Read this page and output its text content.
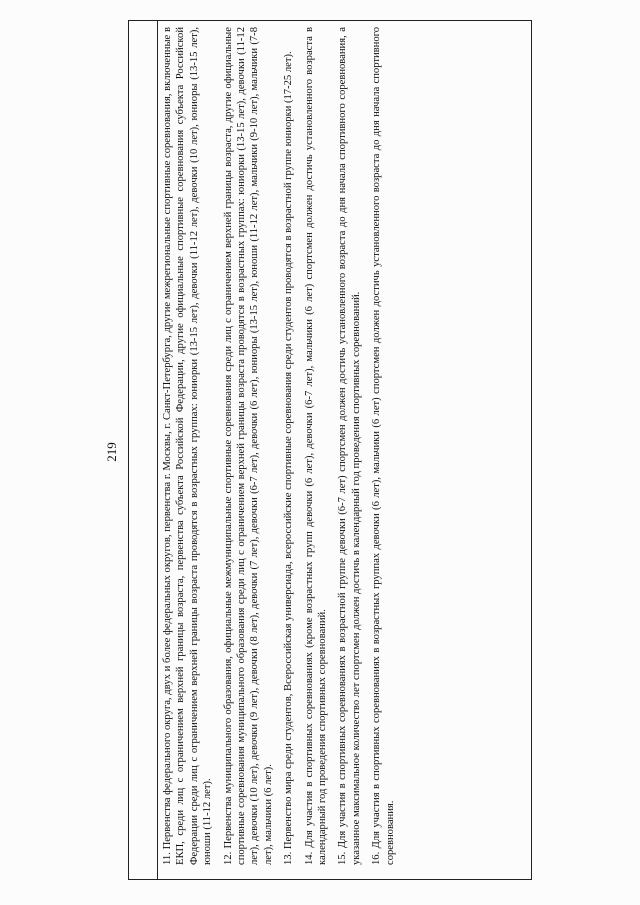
219	11. Первенства федерального округа, двух и более федеральных округов, первенства г. Москвы, г. Санкт-Петербурга, другие межрегиональные спортивные соревнования, включенные в ЕКП, среди лиц с ограничением верхней границы возраста, первенства субъекта Российской Федерации, другие официальные спортивные соревнования субъекта Российской Федерации среди лиц с ограничением верхней границы возраста проводятся в возрастных группах: юниорки (13-15 лет), девочки (11-12 лет), девочки (10 лет), юниоры (13-15 лет), юноши (11-12 лет). 12. Первенства муниципального образования, официальные межмуниципальные спортивные соревнования среди лиц с ограничением верхней границы возраста, другие официальные спортивные соревнования муниципального образования среди лиц с ограничением верхней границы возраста проводятся в возрастных группах: юниорки (13-15 лет), девочки (11-12 лет), девочки (10 лет), девочки (9 лет), девочки (8 лет), девочки (7 лет), девочки (6-7 лет), девочки (6 лет), юниоры (13-15 лет), юноши (11-12 лет), мальчики (9-10 лет), мальчики (7-8 лет), мальчики (6 лет). 13. Первенство мира среди студентов, Всероссийская универсиада, всероссийские спортивные соревнования среди студентов проводятся в возрастной группе юниорки (17-25 лет). 14. Для участия в спортивных соревнованиях (кроме возрастных групп девочки (6 лет), девочки (6-7 лет), мальчики (6 лет) спортсмен должен достичь установленного возраста в календарный год проведения спортивных соревнований. 15. Для участия в спортивных соревнованиях в возрастной группе девочки (6-7 лет) спортсмен должен достичь установленного возраста до дня начала спортивного соревнования, а указанное максимальное количество лет спортсмен должен достичь в календарный год проведения спортивных соревнований. 16. Для участия в спортивных соревнованиях в возрастных группах девочки (6 лет), мальчики (6 лет) спортсмен должен достичь установленного возраста до дня начала спортивного соревнования.
